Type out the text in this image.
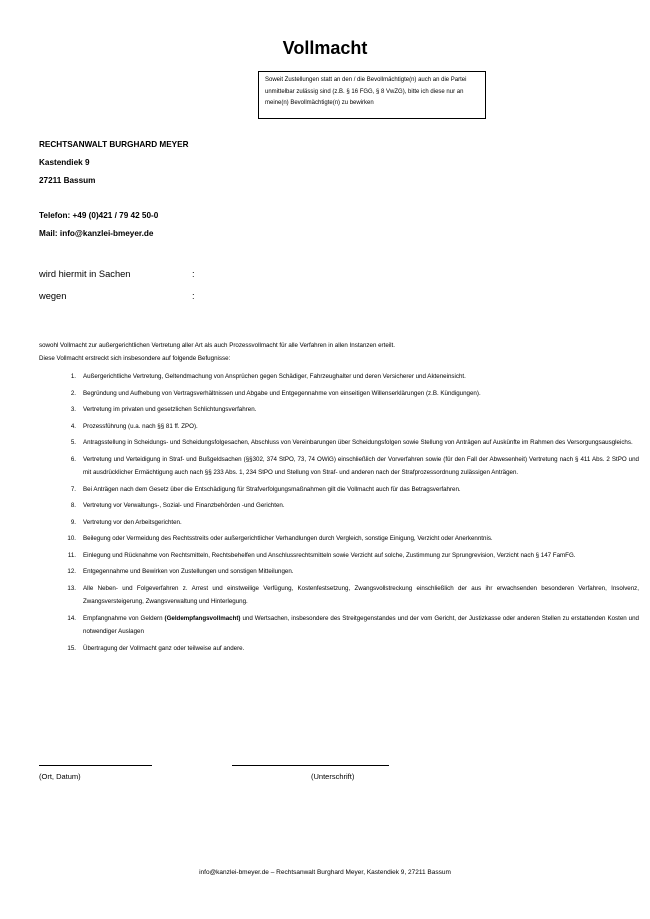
Vollmacht
Soweit Zustellungen statt an den / die Bevollmächtigte(n) auch an die Partei
unmittelbar zulässig sind (z.B. § 16 FGG, § 8 VwZG), bitte ich diese nur an
meine(n) Bevollmächtigte(n) zu bewirken
RECHTSANWALT BURGHARD MEYER
Kastendiek 9
27211 Bassum
Telefon: +49 (0)421 / 79 42 50-0
Mail: info@kanzlei-bmeyer.de
wird hiermit in Sachen	:
wegen	:
sowohl Vollmacht zur außergerichtlichen Vertretung aller Art als auch Prozessvollmacht für alle Verfahren in allen Instanzen erteilt.
Diese Vollmacht erstreckt sich insbesondere auf folgende Befugnisse:
1. Außergerichtliche Vertretung, Geltendmachung von Ansprüchen gegen Schädiger, Fahrzeughalter und deren Versicherer und Akteneinsicht.
2. Begründung und Aufhebung von Vertragsverhältnissen und Abgabe und Entgegennahme von einseitigen Willenserklärungen (z.B. Kündigungen).
3. Vertretung im privaten und gesetzlichen Schlichtungsverfahren.
4. Prozessführung (u.a. nach §§ 81 ff. ZPO).
5. Antragsstellung in Scheidungs- und Scheidungsfolgesachen, Abschluss von Vereinbarungen über Scheidungsfolgen sowie Stellung von Anträgen auf Auskünfte im Rahmen des Versorgungsausgleichs.
6. Vertretung und Verteidigung in Straf- und Bußgeldsachen (§§302, 374 StPO, 73, 74 OWiG) einschließlich der Vorverfahren sowie (für den Fall der Abwesenheit) Vertretung nach § 411 Abs. 2 StPO und mit ausdrücklicher Ermächtigung auch nach §§ 233 Abs. 1, 234 StPO und Stellung von Straf- und anderen nach der Strafprozessordnung zulässigen Anträgen.
7. Bei Anträgen nach dem Gesetz über die Entschädigung für Strafverfolgungsmaßnahmen gilt die Vollmacht auch für das Betragsverfahren.
8. Vertretung vor Verwaltungs-, Sozial- und Finanzbehörden -und Gerichten.
9. Vertretung vor den Arbeitsgerichten.
10. Beilegung oder Vermeidung des Rechtsstreits oder außergerichtlicher Verhandlungen durch Vergleich, sonstige Einigung, Verzicht oder Anerkenntnis.
11. Einlegung und Rücknahme von Rechtsmitteln, Rechtsbehelfen und Anschlussrechtsmitteln sowie Verzicht auf solche, Zustimmung zur Sprungrevision, Verzicht nach § 147 FamFG.
12. Entgegennahme und Bewirken von Zustellungen und sonstigen Mitteilungen.
13. Alle Neben- und Folgeverfahren z. Arrest und einstweilige Verfügung, Kostenfestsetzung, Zwangsvollstreckung einschließlich der aus ihr erwachsenden besonderen Verfahren, Insolvenz, Zwangsversteigerung, Zwangsverwaltung und Hinterlegung.
14. Empfangnahme von Geldern (Geldempfangsvollmacht) und Wertsachen, insbesondere des Streitgegenstandes und der vom Gericht, der Justizkasse oder anderen Stellen zu erstattenden Kosten und notwendiger Auslagen
15. Übertragung der Vollmacht ganz oder teilweise auf andere.
(Ort, Datum)	(Unterschrift)
info@kanzlei-bmeyer.de – Rechtsanwalt Burghard Meyer, Kastendiek 9, 27211 Bassum
